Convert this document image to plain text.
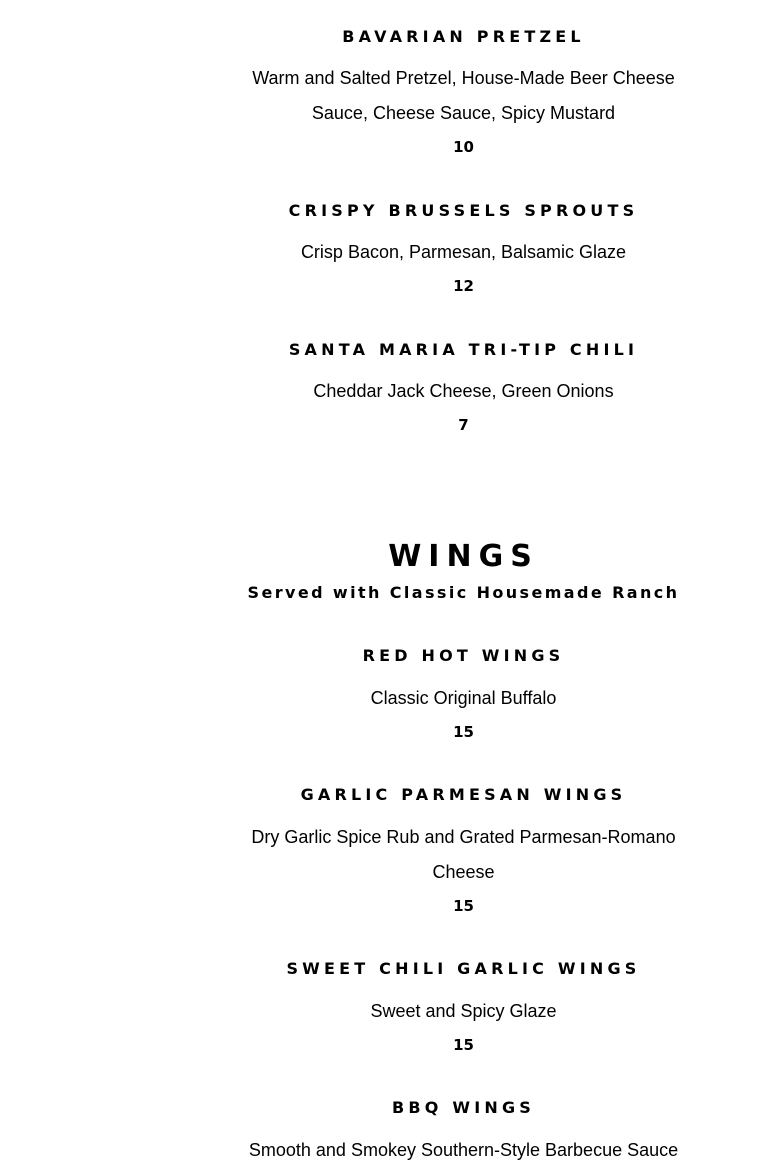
BAVARIAN PRETZEL

Warm and Salted Pretzel, House-Made Beer Cheese Sauce, Cheese Sauce, Spicy Mustard

10

CRISPY BRUSSELS SPROUTS

Crisp Bacon, Parmesan, Balsamic Glaze

12

SANTA MARIA TRI-TIP CHILI

Cheddar Jack Cheese, Green Onions

7

WINGS

Served with Classic Housemade Ranch

RED HOT WINGS

Classic Original Buffalo

15

GARLIC PARMESAN WINGS

Dry Garlic Spice Rub and Grated Parmesan-Romano Cheese

15

SWEET CHILI GARLIC WINGS

Sweet and Spicy Glaze

15

BBQ WINGS

Smooth and Smokey Southern-Style Barbecue Sauce
